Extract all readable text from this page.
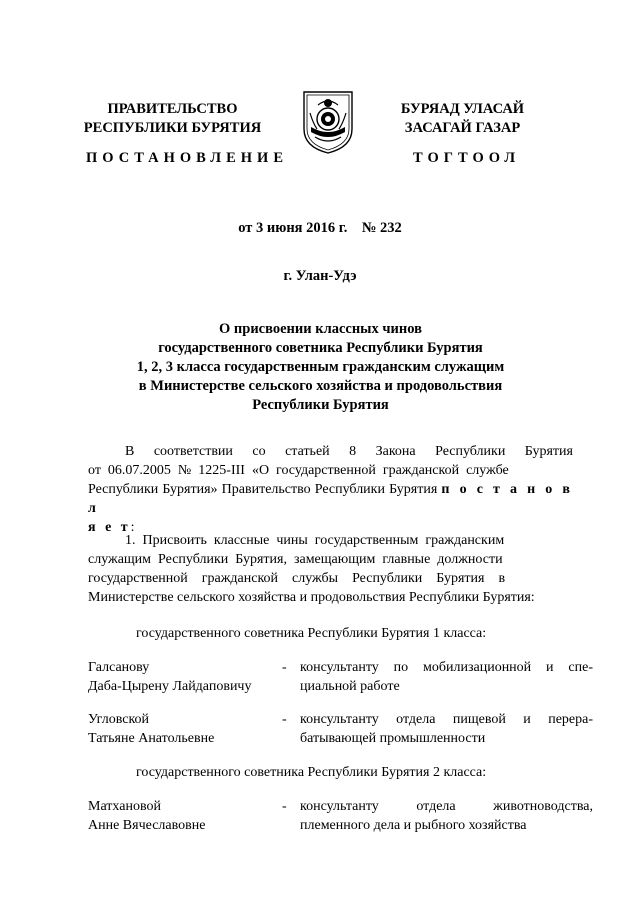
ПРАВИТЕЛЬСТВО
РЕСПУБЛИКИ БУРЯТИЯ
ПОСТАНОВЛЕНИЕ
БУРЯАД УЛАСАЙ
ЗАСАГАЙ ГАЗАР
ТОГТООЛ
от 3 июня 2016 г.    № 232
г. Улан-Удэ
О присвоении классных чинов
государственного советника Республики Бурятия
1, 2, 3 класса государственным гражданским служащим
в Министерстве сельского хозяйства и продовольствия
Республики Бурятия
В   соответствии   со   статьей   8   Закона   Республики   Бурятия
от  06.07.2005  №  1225-III  «О  государственной  гражданской  службе
Республики Бурятия» Правительство Республики Бурятия п о с т а н о в л
я е т:
1.  Присвоить  классные  чины  государственным  гражданским
служащим  Республики  Бурятия,  замещающим  главные  должности
государственной    гражданской    службы    Республики    Бурятия    в
Министерстве сельского хозяйства и продовольствия Республики Бурятия:
государственного советника Республики Бурятия 1 класса:
Галсанову
Даба-Цырену Лайдаповичу
- консультанту по мобилизационной и спе-
циальной работе
Угловской
Татьяне Анатольевне
- консультанту отдела пищевой и перера-
батывающей промышленности
государственного советника Республики Бурятия 2 класса:
Матхановой
Анне Вячеславовне
- консультанту   отдела   животноводства,
племенного дела и рыбного хозяйства
